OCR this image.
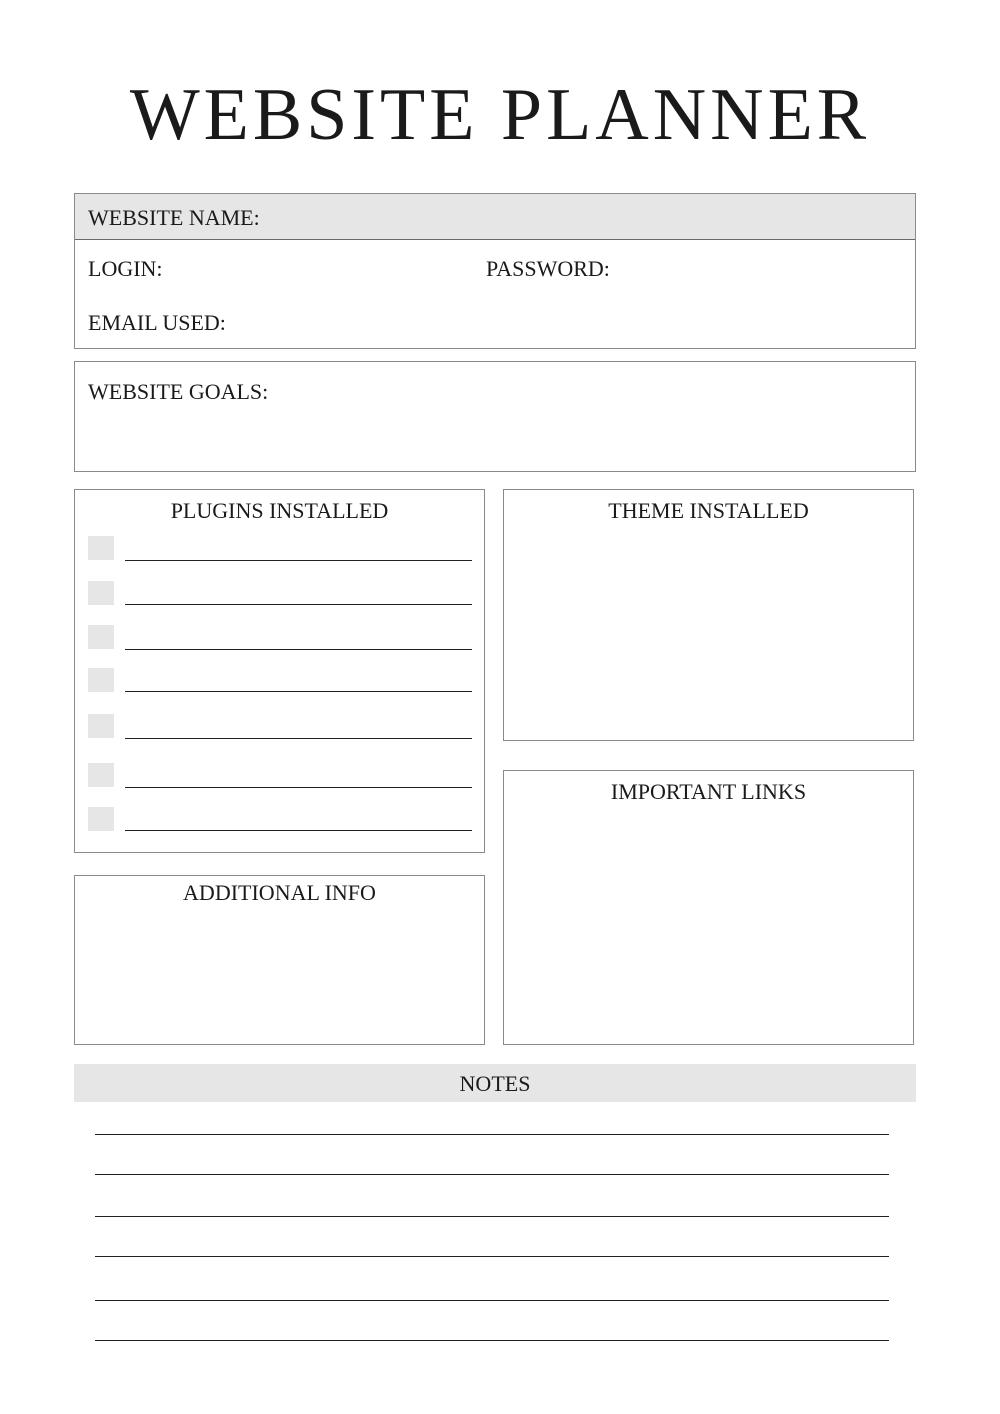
WEBSITE PLANNER
WEBSITE NAME:
LOGIN:	PASSWORD:
EMAIL USED:
WEBSITE GOALS:
PLUGINS INSTALLED	THEME INSTALLED
IMPORTANT LINKS
ADDITIONAL INFO
NOTES
